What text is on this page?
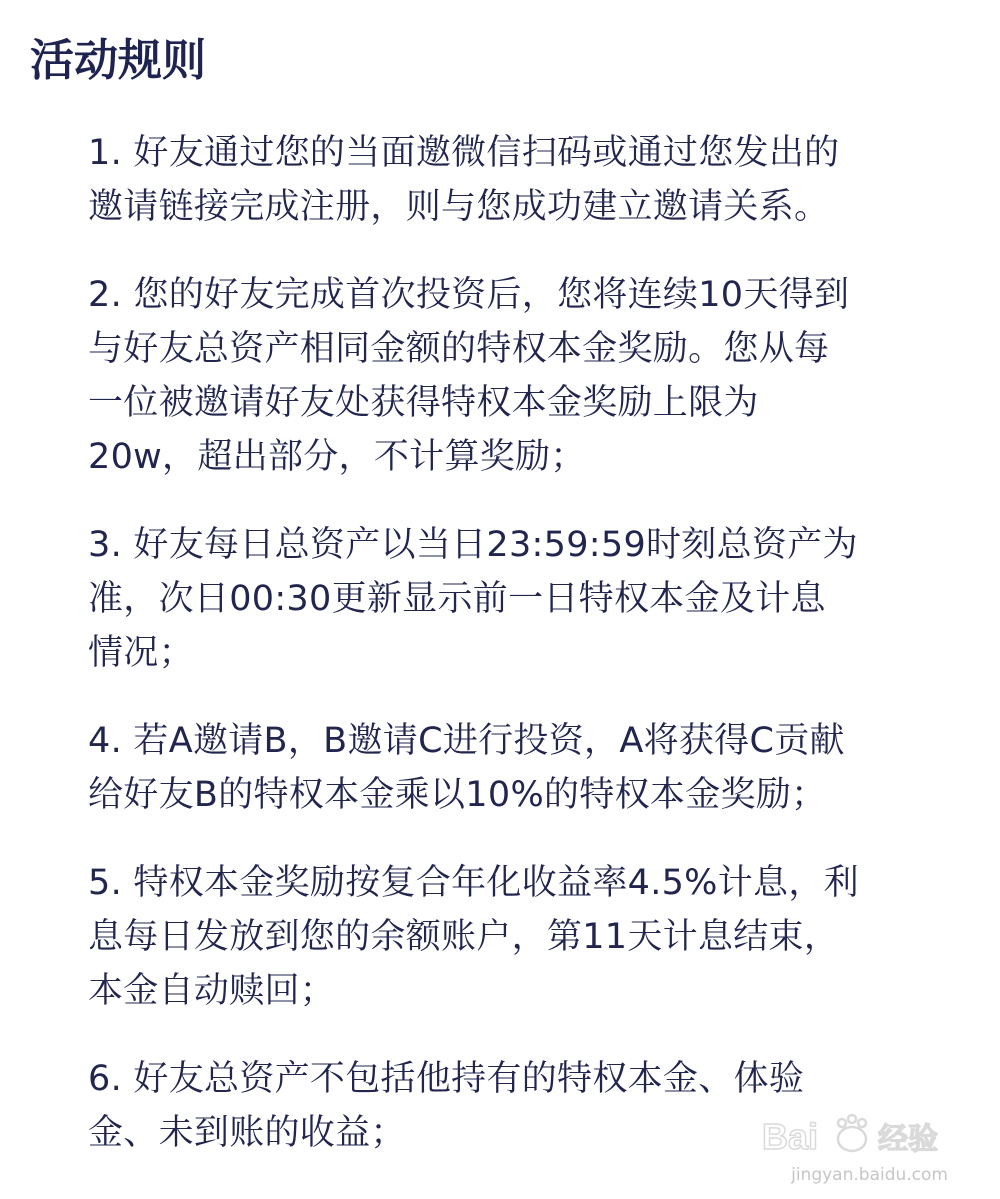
活动规则
1. 好友通过您的当面邀微信扫码或通过您发出的
邀请链接完成注册，则与您成功建立邀请关系。
2. 您的好友完成首次投资后，您将连续10天得到
与好友总资产相同金额的特权本金奖励。您从每
一位被邀请好友处获得特权本金奖励上限为
20w，超出部分，不计算奖励；
3. 好友每日总资产以当日23:59:59时刻总资产为
准，次日00:30更新显示前一日特权本金及计息
情况；
4. 若A邀请B，B邀请C进行投资，A将获得C贡献
给好友B的特权本金乘以10%的特权本金奖励；
5. 特权本金奖励按复合年化收益率4.5%计息，利
息每日发放到您的余额账户，第11天计息结束，
本金自动赎回；
6. 好友总资产不包括他持有的特权本金、体验
金、未到账的收益；	Bai 经验
jingyan.baidu.com
